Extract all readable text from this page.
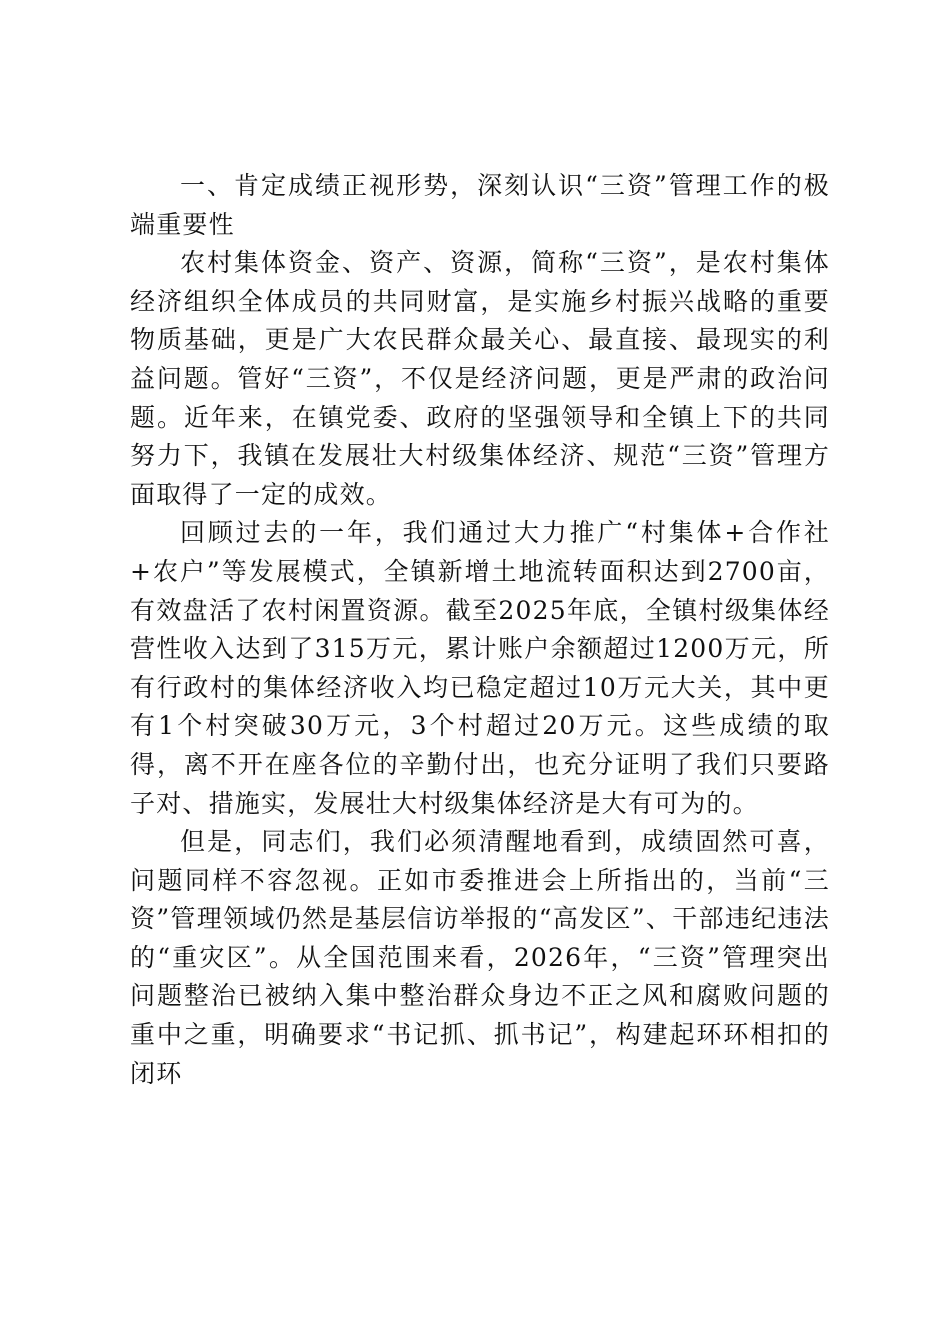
一、肯定成绩正视形势，深刻认识“三资”管理工作的极端重要性

农村集体资金、资产、资源，简称“三资”，是农村集体经济组织全体成员的共同财富，是实施乡村振兴战略的重要物质基础，更是广大农民群众最关心、最直接、最现实的利益问题。管好“三资”，不仅是经济问题，更是严肃的政治问题。近年来，在镇党委、政府的坚强领导和全镇上下的共同努力下，我镇在发展壮大村级集体经济、规范“三资”管理方面取得了一定的成效。

回顾过去的一年，我们通过大力推广“村集体+合作社+农户”等发展模式，全镇新增土地流转面积达到2700亩，有效盘活了农村闲置资源。截至2025年底，全镇村级集体经营性收入达到了315万元，累计账户余额超过1200万元，所有行政村的集体经济收入均已稳定超过10万元大关，其中更有1个村突破30万元，3个村超过20万元。这些成绩的取得，离不开在座各位的辛勤付出，也充分证明了我们只要路子对、措施实，发展壮大村级集体经济是大有可为的。

但是，同志们，我们必须清醒地看到，成绩固然可喜，问题同样不容忽视。正如市委推进会上所指出的，当前“三资”管理领域仍然是基层信访举报的“高发区”、干部违纪违法的“重灾区”。从全国范围来看，2026年，“三资”管理突出问题整治已被纳入集中整治群众身边不正之风和腐败问题的重中之重，明确要求“书记抓、抓书记”，构建起环环相扣的闭环
